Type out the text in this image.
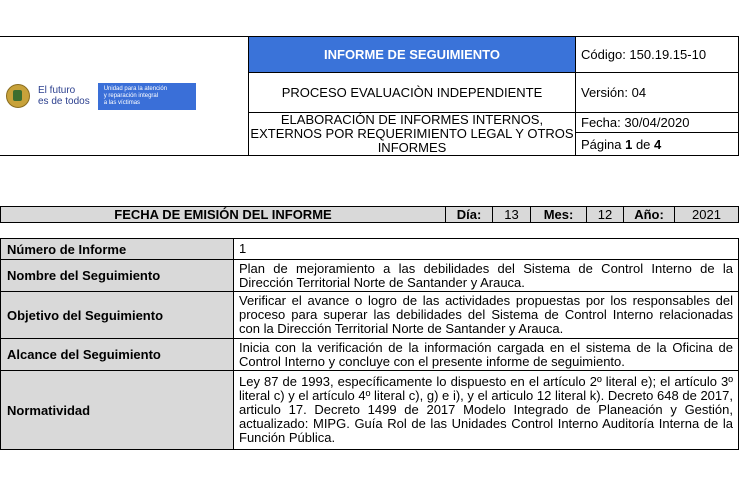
El futuro
es de todos
Unidad para la atención
y reparación integral
a las víctimas	INFORME DE SEGUIMIENTO	Código: 150.19.15-10
	PROCESO EVALUACIÒN INDEPENDIENTE	Versión: 04
	ELABORACIÓN DE INFORMES INTERNOS, EXTERNOS POR REQUERIMIENTO LEGAL Y OTROS INFORMES	Fecha: 30/04/2020
		Página 1 de 4
FECHA DE EMISIÓN DEL INFORME	Día:	13	Mes:	12	Año:	2021
Número de Informe	1
Nombre del Seguimiento	Plan de mejoramiento a las debilidades del Sistema de Control Interno de la Dirección Territorial Norte de Santander y Arauca.
Objetivo del Seguimiento	Verificar el avance o logro de las actividades propuestas por los responsables del proceso para superar las debilidades del Sistema de Control Interno relacionadas con la Dirección Territorial Norte de Santander y Arauca.
Alcance del Seguimiento	Inicia con la verificación de la información cargada en el sistema de la Oficina de Control Interno y concluye con el presente informe de seguimiento.
Normatividad	Ley 87 de 1993, específicamente lo dispuesto en el artículo 2º literal e); el artículo 3º literal c) y el artículo 4º literal c), g) e i), y el articulo 12 literal k). Decreto 648 de 2017, articulo 17. Decreto 1499 de 2017 Modelo Integrado de Planeación y Gestión, actualizado: MIPG. Guía Rol de las Unidades Control Interno Auditoría Interna de la Función Pública.
